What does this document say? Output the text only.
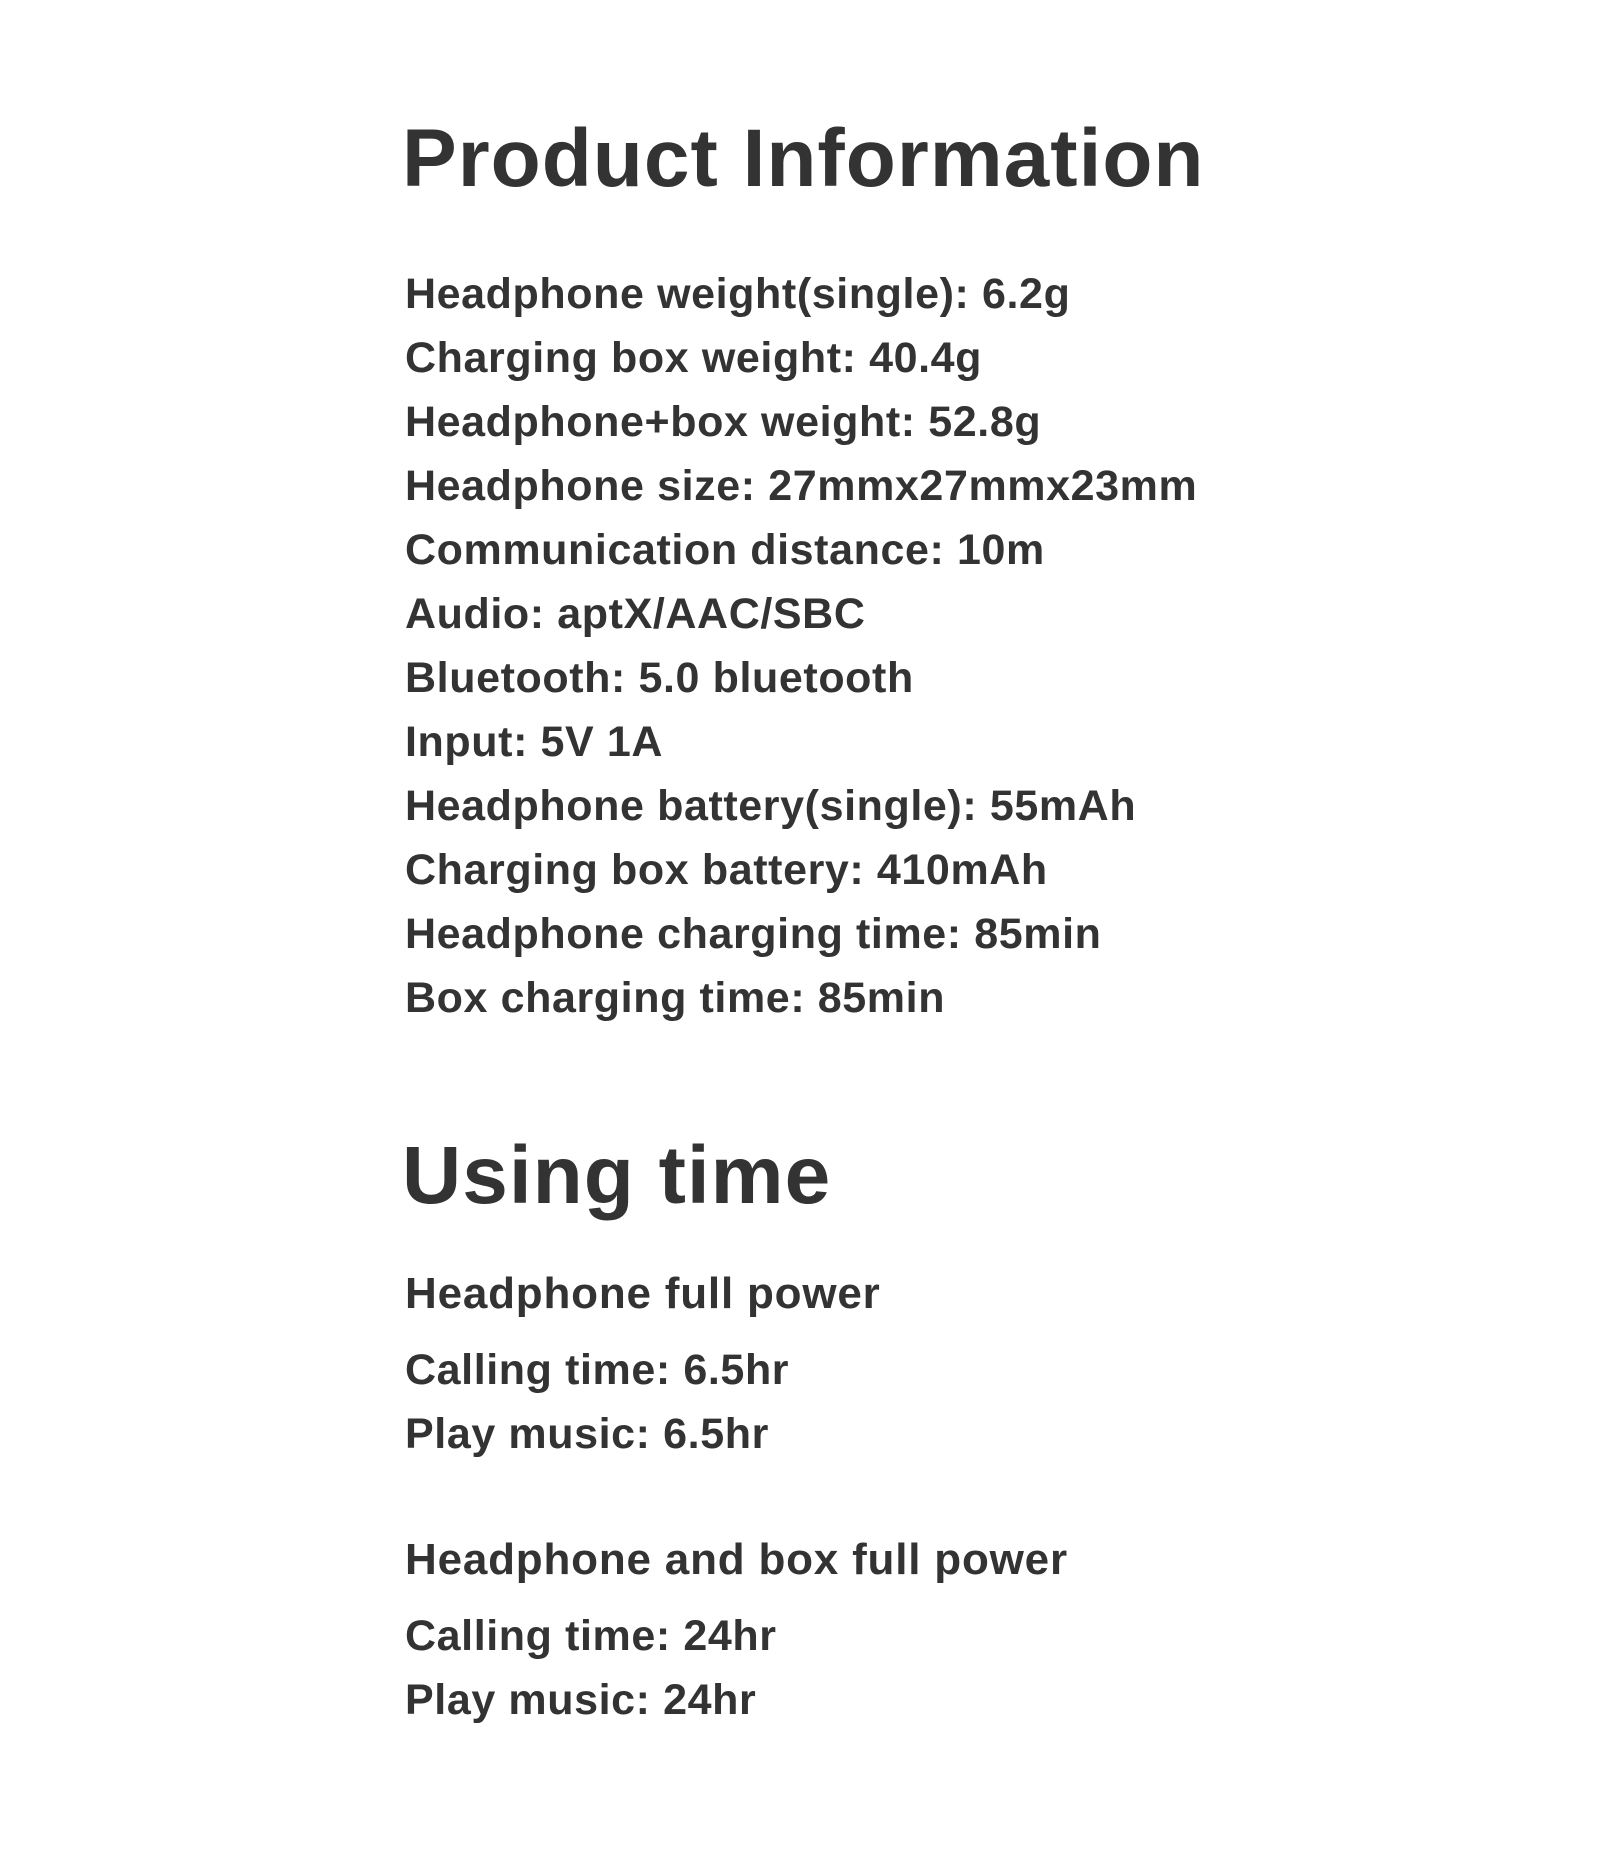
Product Information
Headphone weight(single): 6.2g
Charging box weight: 40.4g
Headphone+box weight: 52.8g
Headphone size: 27mmx27mmx23mm
Communication distance: 10m
Audio: aptX/AAC/SBC
Bluetooth: 5.0 bluetooth
Input: 5V 1A
Headphone battery(single): 55mAh
Charging box battery: 410mAh
Headphone charging time: 85min
Box charging time: 85min
Using time
Headphone full power
Calling time: 6.5hr
Play music: 6.5hr
Headphone and box full power
Calling time: 24hr
Play music: 24hr
